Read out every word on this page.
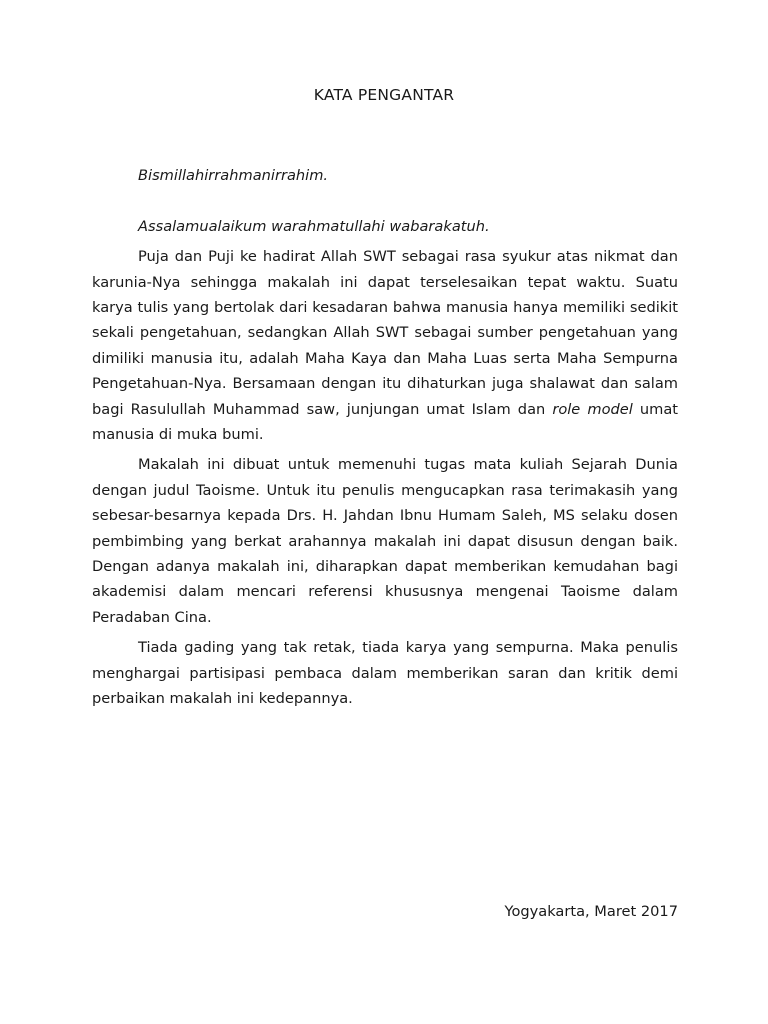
KATA PENGANTAR

Bismillahirrahmanirrahim.

Assalamualaikum warahmatullahi wabarakatuh.

Puja dan Puji ke hadirat Allah SWT sebagai rasa syukur atas nikmat dan karunia-Nya sehingga makalah ini dapat terselesaikan tepat waktu. Suatu karya tulis yang bertolak dari kesadaran bahwa manusia hanya memiliki sedikit sekali pengetahuan, sedangkan Allah SWT sebagai sumber pengetahuan yang dimiliki manusia itu, adalah Maha Kaya dan Maha Luas serta Maha Sempurna Pengetahuan-Nya. Bersamaan dengan itu dihaturkan juga shalawat dan salam bagi Rasulullah Muhammad saw, junjungan umat Islam dan role model umat manusia di muka bumi.

Makalah ini dibuat untuk memenuhi tugas mata kuliah Sejarah Dunia dengan judul Taoisme. Untuk itu penulis mengucapkan rasa terimakasih yang sebesar-besarnya kepada Drs. H. Jahdan Ibnu Humam Saleh, MS selaku dosen pembimbing yang berkat arahannya makalah ini dapat disusun dengan baik. Dengan adanya makalah ini, diharapkan dapat memberikan kemudahan bagi akademisi dalam mencari referensi khususnya mengenai Taoisme dalam Peradaban Cina.

Tiada gading yang tak retak, tiada karya yang sempurna. Maka penulis menghargai partisipasi pembaca dalam memberikan saran dan kritik demi perbaikan makalah ini kedepannya.

Yogyakarta, Maret 2017
